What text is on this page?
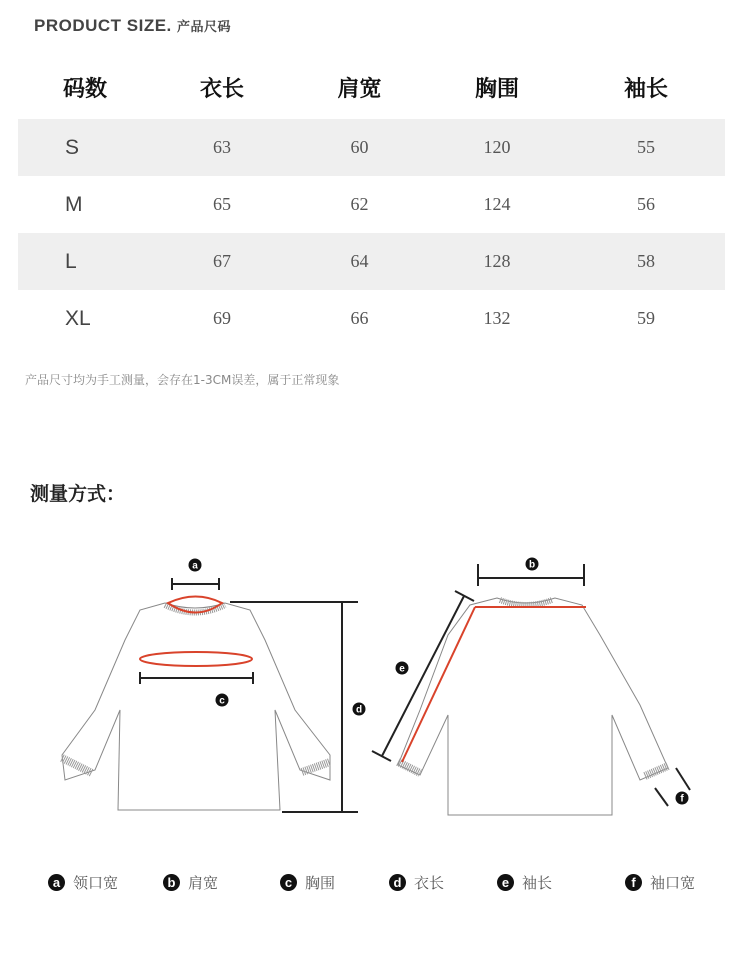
PRODUCT SIZE. 产品尺码
码数	衣长	肩宽	胸围	袖长
S	63	60	120	55
M	65	62	124	56
L	67	64	128	58
XL	69	66	132	59
产品尺寸均为手工测量，会存在1-3CM误差，属于正常现象
测量方式：
a	b
c
d
e
f
a 领口宽	b 肩宽	c 胸围	d 衣长	e 袖长	f 袖口宽
